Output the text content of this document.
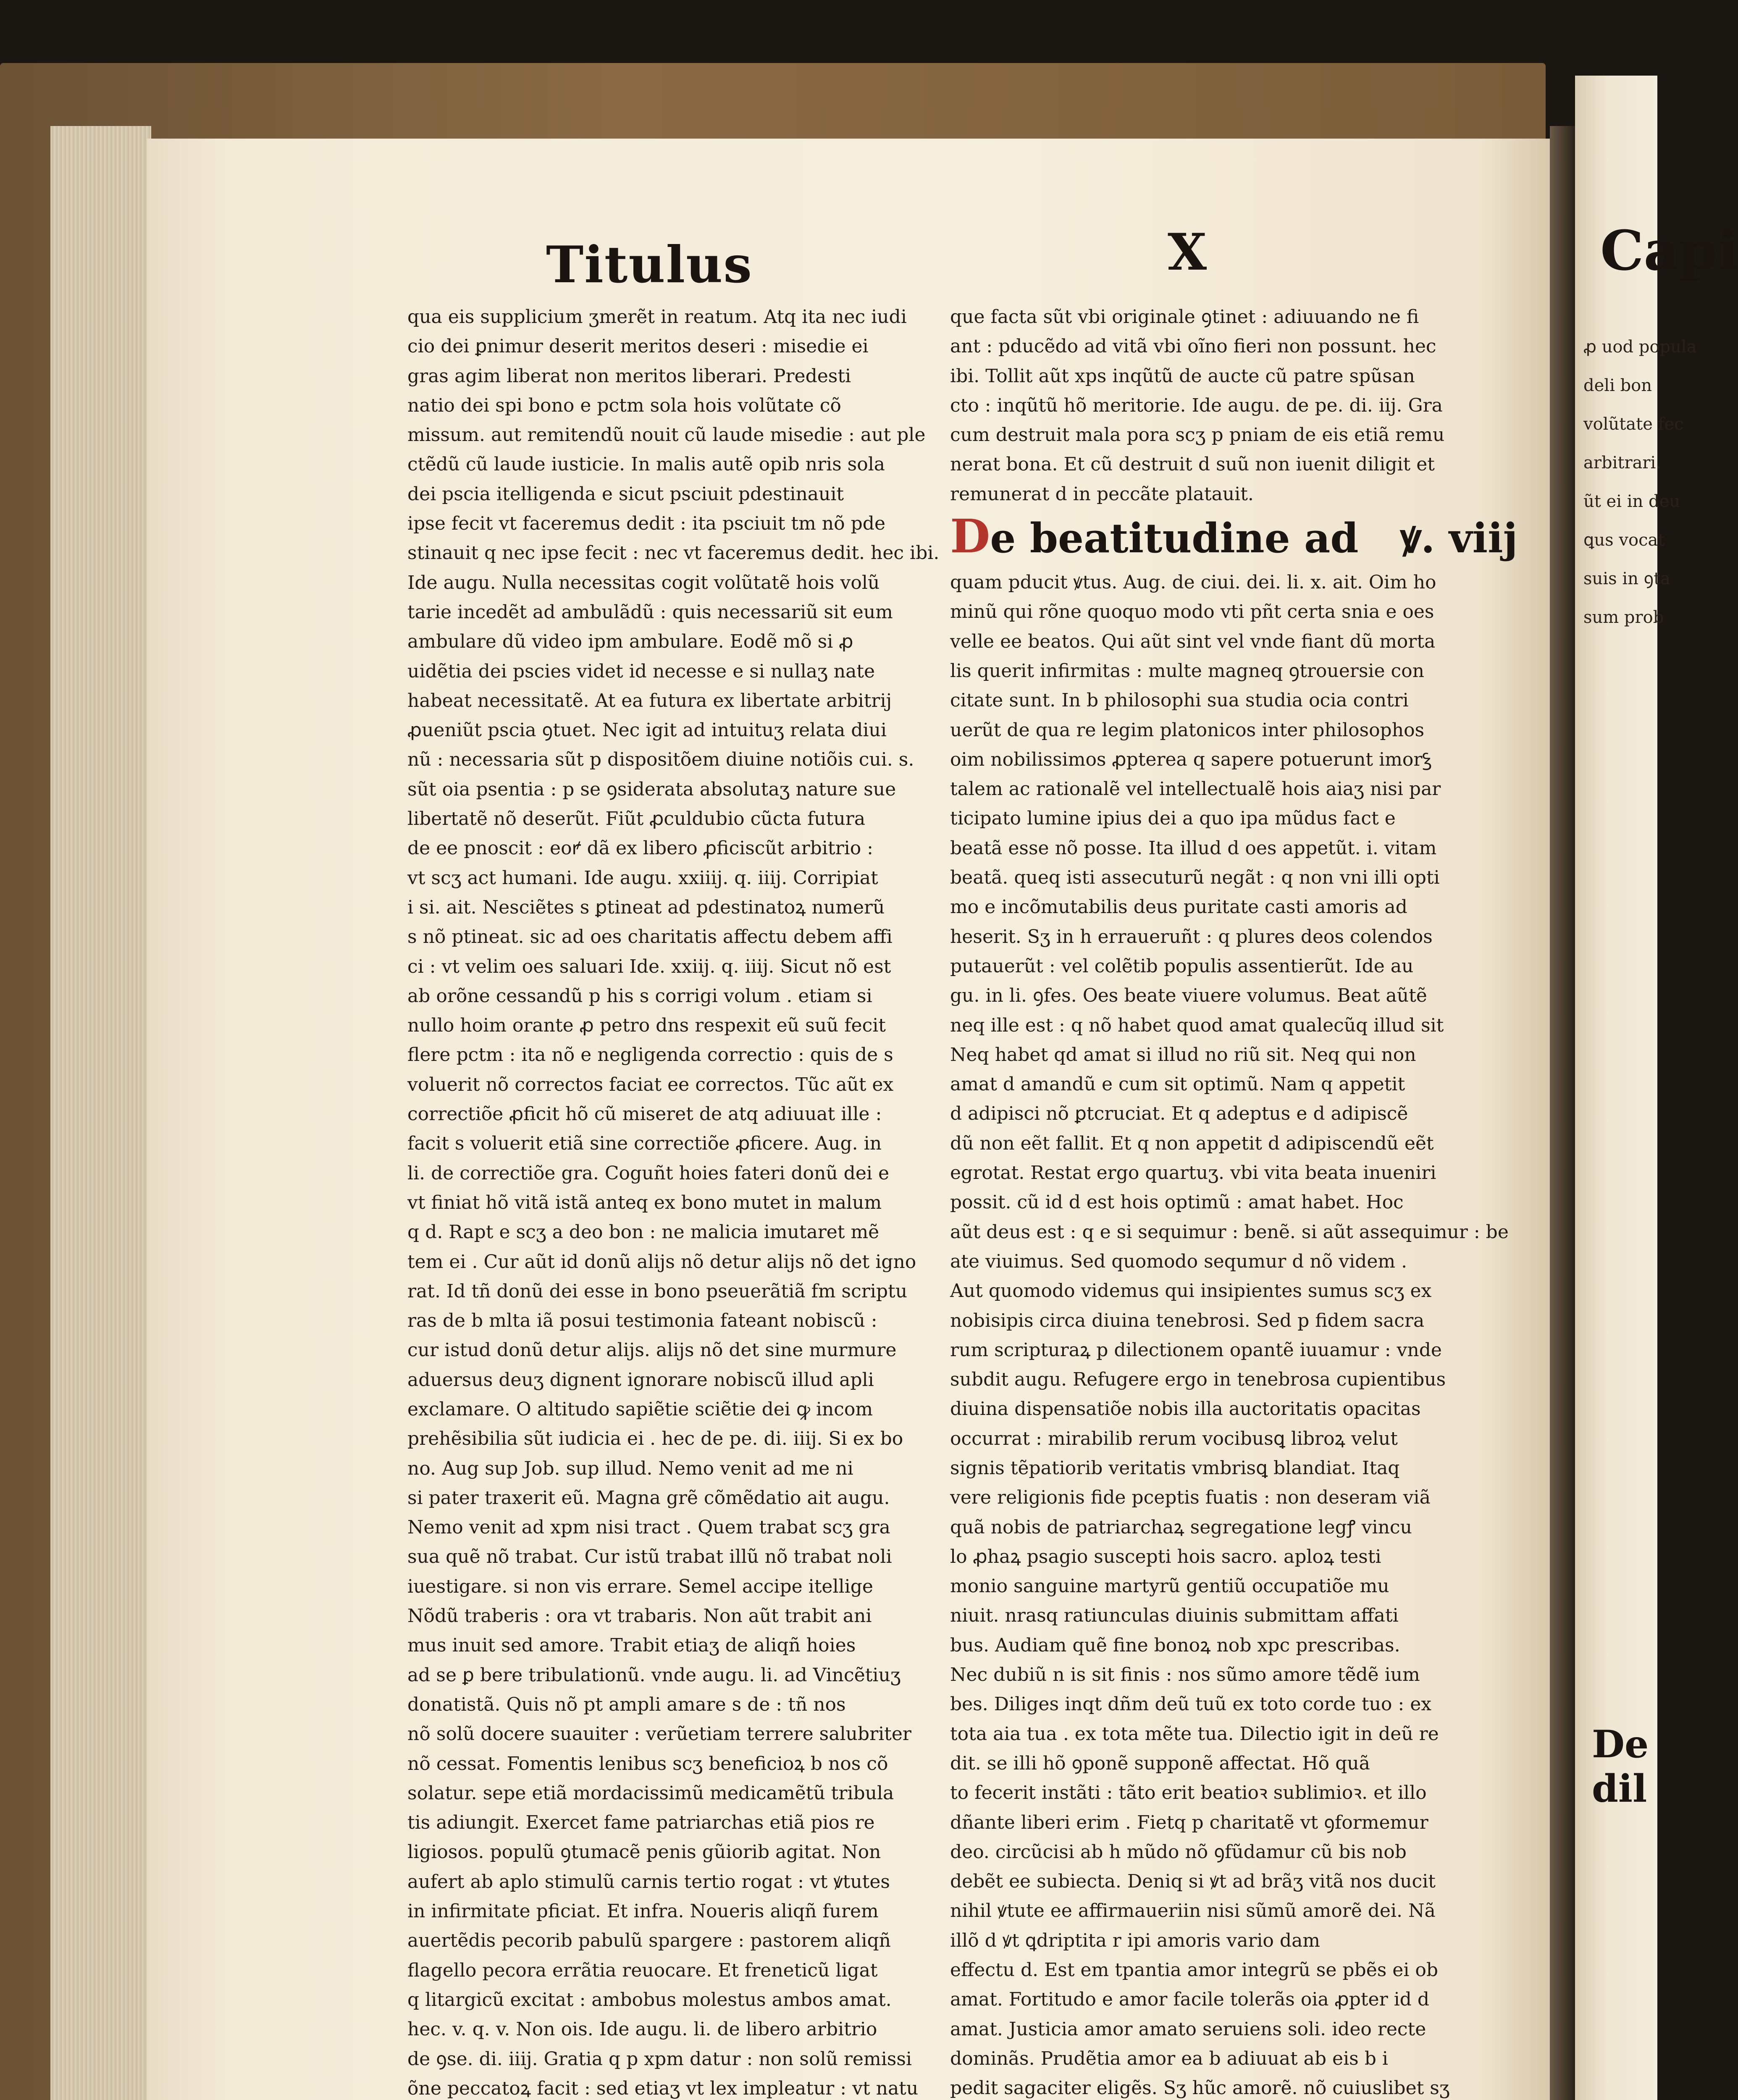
Capi
ꝓ uod popula
deli bon
volũtate fec
arbitrari.
ũt ei in deu
ꝗus vocat
suis in ꝯta
sum prob
De dil
Titulus	X
qua eis supplicium ӡmerẽt in reatum. Atq ita nec iudi
cio dei ꝑnimur deserit meritos deseri : misedie ei
gras agim liberat non meritos liberari. Predesti
natio dei spi bono e pctm sola hois volũtate cõ
missum. aut remitendũ nouit cũ laude misedie : aut ple
ctẽdũ cũ laude iusticie. In malis autẽ opib nris sola
dei pscia itelligenda e sicut psciuit pdestinauit
ipse fecit vt faceremus dedit : ita psciuit tm nõ pde
stinauit q nec ipse fecit : nec vt faceremus dedit. hec ibi.
Ide augu. Nulla necessitas cogit volũtatẽ hois volũ
tarie incedẽt ad ambulãdũ : quis necessariũ sit eum
ambulare dũ video ipm ambulare. Eodẽ mõ si ꝓ
uidẽtia dei pscies videt id necesse e si nullaʒ nate
habeat necessitatẽ. At ea futura ex libertate arbitrij
ꝓueniũt pscia ꝯtuet. Nec igit ad intuituʒ relata diui
nũ : necessaria sũt p dispositõem diuine notiõis cui. s.
sũt oia psentia : p se ꝯsiderata absolutaʒ nature sue
libertatẽ nõ deserũt. Fiũt ꝓculdubio cũcta futura
de ee pnoscit : eoꝵ dã ex libero ꝓficiscũt arbitrio :
vt scʒ act humani. Ide augu. xxiiij. q. iiij. Corripiat
i si. ait. Nesciẽtes s ꝑtineat ad pdestinatoꝝ numerũ
s nõ ptineat. sic ad oes charitatis affectu debem affi
ci : vt velim oes saluari Ide. xxiij. q. iiij. Sicut nõ est
ab orõne cessandũ p his s corrigi volum . etiam si
nullo hoim orante ꝓ petro dns respexit eũ suũ fecit
flere pctm : ita nõ e negligenda correctio : quis de s
voluerit nõ correctos faciat ee correctos. Tũc aũt ex
correctiõe ꝓficit hõ cũ miseret de atq adiuuat ille :
facit s voluerit etiã sine correctiõe ꝓficere. Aug. in
li. de correctiõe gra. Coguñt hoies fateri donũ dei e
vt finiat hõ vitã istã anteq ex bono mutet in malum
q d. Rapt e scʒ a deo bon : ne malicia imutaret mẽ
tem ei . Cur aũt id donũ alijs nõ detur alijs nõ det igno
rat. Id tñ donũ dei esse in bono pseuerãtiã fm scriptu
ras de b mlta iã posui testimonia fateant nobiscũ :
cur istud donũ detur alijs. alijs nõ det sine murmure
aduersus deuʒ dignent ignorare nobiscũ illud apli
exclamare. O altitudo sapiẽtie sciẽtie dei ꝙ incom
prehẽsibilia sũt iudicia ei . hec de pe. di. iiij. Si ex bo
no. Aug sup Job. sup illud. Nemo venit ad me ni
si pater traxerit eũ. Magna grẽ cõmẽdatio ait augu.
Nemo venit ad xpm nisi tract . Quem trabat scʒ gra
sua quẽ nõ trabat. Cur istũ trabat illũ nõ trabat noli
iuestigare. si non vis errare. Semel accipe itellige
Nõdũ traberis : ora vt trabaris. Non aũt trabit ani
mus inuit sed amore. Trabit etiaʒ de aliqñ hoies
ad se ꝑ bere tribulationũ. vnde augu. li. ad Vincẽtiuʒ
donatistã. Quis nõ pt ampli amare s de : tñ nos
nõ solũ docere suauiter : verũetiam terrere salubriter
nõ cessat. Fomentis lenibus scʒ beneficioꝝ b nos cõ
solatur. sepe etiã mordacissimũ medicamẽtũ tribula
tis adiungit. Exercet fame patriarchas etiã pios re
ligiosos. populũ ꝯtumacẽ penis gũiorib agitat. Non
aufert ab aplo stimulũ carnis tertio rogat : vt ꝟtutes
in infirmitate pficiat. Et infra. Noueris aliqñ furem
auertẽdis pecorib pabulũ spargere : pastorem aliqñ
flagello pecora errãtia reuocare. Et freneticũ ligat
q litargicũ excitat : ambobus molestus ambos amat.
hec. v. q. v. Non ois. Ide augu. li. de libero arbitrio
de ꝯse. di. iiij. Gratia q p xpm datur : non solũ remissi
õne peccatoꝝ facit : sed etiaʒ vt lex impleatur : vt natu
que facta sũt vbi originale ꝯtinet : adiuuando ne fi
ant : pducẽdo ad vitã vbi oĩno fieri non possunt. hec
ibi. Tollit aũt xps inqũtũ de aucte cũ patre spũsan
cto : inqũtũ hõ meritorie. Ide augu. de pe. di. iij. Gra
cum destruit mala pora scʒ p pniam de eis etiã remu
nerat bona. Et cũ destruit d suũ non iuenit diligit et
remunerat d in peccãte platauit.
De beatitudine ad ꝟ. viij
quam pducit ꝟtus. Aug. de ciui. dei. li. x. ait. Oim ho
minũ qui rõne quoquo modo vti pñt certa snia e oes
velle ee beatos. Qui aũt sint vel vnde fiant dũ morta
lis querit infirmitas : multe magneq ꝯtrouersie con
citate sunt. In b philosophi sua studia ocia contri
uerũt de qua re legim platonicos inter philosophos
oim nobilissimos ꝓpterea q sapere potuerunt imorꝣ
talem ac rationalẽ vel intellectualẽ hois aiaʒ nisi par
ticipato lumine ipius dei a quo ipa mũdus fact e
beatã esse nõ posse. Ita illud d oes appetũt. i. vitam
beatã. queq isti assecuturũ negãt : q non vni illi opti
mo e incõmutabilis deus puritate casti amoris ad
heserit. Sʒ in h erraueruñt : q plures deos colendos
putauerũt : vel colẽtib populis assentierũt. Ide au
gu. in li. ꝯfes. Oes beate viuere volumus. Beat aũtẽ
neq ille est : q nõ habet quod amat qualecũq illud sit
Neq habet qd amat si illud no riũ sit. Neq qui non
amat d amandũ e cum sit optimũ. Nam q appetit
d adipisci nõ ꝑtcruciat. Et q adeptus e d adipiscẽ
dũ non eẽt fallit. Et q non appetit d adipiscendũ eẽt
egrotat. Restat ergo quartuʒ. vbi vita beata inueniri
possit. cũ id d est hois optimũ : amat habet. Hoc
aũt deus est : q e si sequimur : benẽ. si aũt assequimur : be
ate viuimus. Sed quomodo sequmur d nõ videm .
Aut quomodo videmus qui insipientes sumus scʒ ex
nobisipis circa diuina tenebrosi. Sed p fidem sacra
rum scripturaꝝ p dilectionem opantẽ iuuamur : vnde
subdit augu. Refugere ergo in tenebrosa cupientibus
diuina dispensatiõe nobis illa auctoritatis opacitas
occurrat : mirabilib rerum vocibusꝗ libroꝝ velut
signis tẽpatiorib veritatis vmbrisꝗ blandiat. Itaq
vere religionis fide pceptis fuatis : non deseram viã
quã nobis de patriarchaꝝ segregatione legꝭ vincu
lo ꝓhaꝝ psagio suscepti hois sacro. aploꝝ testi
monio sanguine martyrũ gentiũ occupatiõe mu
niuit. nrasq ratiunculas diuinis submittam affati
bus. Audiam quẽ fine bonoꝝ nob xpc prescribas.
Nec dubiũ n is sit finis : nos sũmo amore tẽdẽ ium
bes. Diliges inqt dñm deũ tuũ ex toto corde tuo : ex
tota aia tua . ex tota mẽte tua. Dilectio igit in deũ re
dit. se illi hõ ꝯponẽ supponẽ affectat. Hõ quã
to fecerit instãti : tãto erit beatioꝛ sublimioꝛ. et illo
dñante liberi erim . Fietq p charitatẽ vt ꝯformemur
deo. circũcisi ab h mũdo nõ ꝯfũdamur cũ bis nob
debẽt ee subiecta. Deniq si ꝟt ad brãʒ vitã nos ducit
nihil ꝟtute ee affirmaueriin nisi sũmũ amorẽ dei. Nã
illõ d ꝟt ꝗdriptita r ipi amoris vario dam
effectu d. Est em tpantia amor integrũ se pbẽs ei ob
amat. Fortitudo e amor facile tolerãs oia ꝓpter id d
amat. Justicia amor amato seruiens soli. ideo recte
dominãs. Prudẽtia amor ea b adiuuat ab eis b i
pedit sagaciter eligẽs. Sʒ hũc amorẽ. nõ cuiuslibet sʒ
